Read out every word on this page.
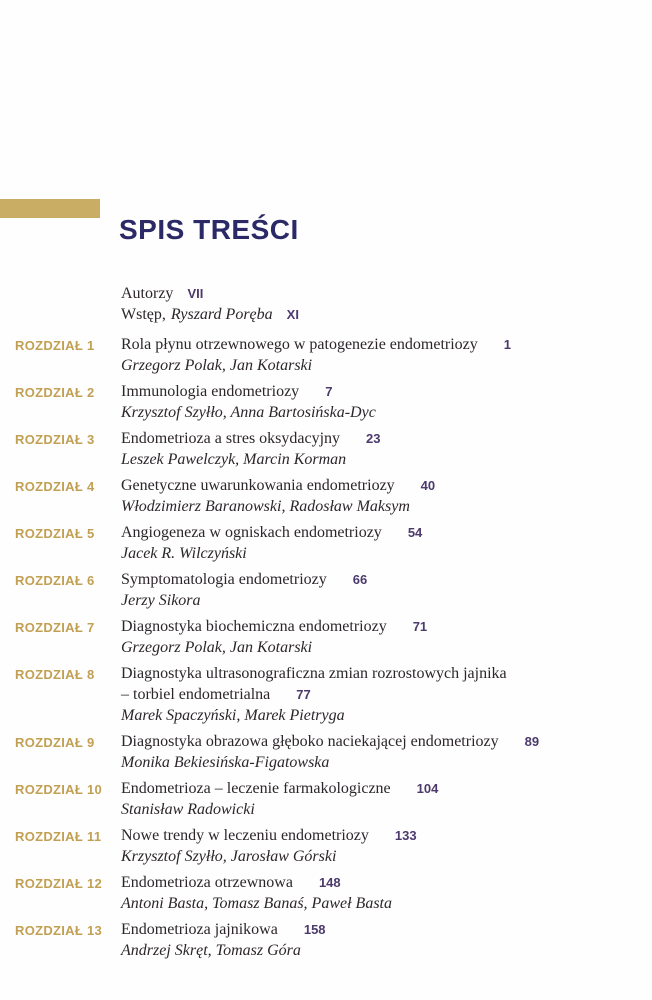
SPIS TREŚCI
Autorzy VII
Wstęp, Ryszard Poręba XI
ROZDZIAŁ 1	Rola płynu otrzewnowego w patogenezie endometriozy 1
Grzegorz Polak, Jan Kotarski
ROZDZIAŁ 2	Immunologia endometriozy 7
Krzysztof Szyłło, Anna Bartosińska-Dyc
ROZDZIAŁ 3	Endometrioza a stres oksydacyjny 23
Leszek Pawelczyk, Marcin Korman
ROZDZIAŁ 4	Genetyczne uwarunkowania endometriozy 40
Włodzimierz Baranowski, Radosław Maksym
ROZDZIAŁ 5	Angiogeneza w ogniskach endometriozy 54
Jacek R. Wilczyński
ROZDZIAŁ 6	Symptomatologia endometriozy 66
Jerzy Sikora
ROZDZIAŁ 7	Diagnostyka biochemiczna endometriozy 71
Grzegorz Polak, Jan Kotarski
ROZDZIAŁ 8	Diagnostyka ultrasonograficzna zmian rozrostowych jajnika
– torbiel endometrialna 77
Marek Spaczyński, Marek Pietryga
ROZDZIAŁ 9	Diagnostyka obrazowa głęboko naciekającej endometriozy 89
Monika Bekiesińska-Figatowska
ROZDZIAŁ 10	Endometrioza – leczenie farmakologiczne 104
Stanisław Radowicki
ROZDZIAŁ 11	Nowe trendy w leczeniu endometriozy 133
Krzysztof Szyłło, Jarosław Górski
ROZDZIAŁ 12	Endometrioza otrzewnowa 148
Antoni Basta, Tomasz Banaś, Paweł Basta
ROZDZIAŁ 13	Endometrioza jajnikowa 158
Andrzej Skręt, Tomasz Góra
